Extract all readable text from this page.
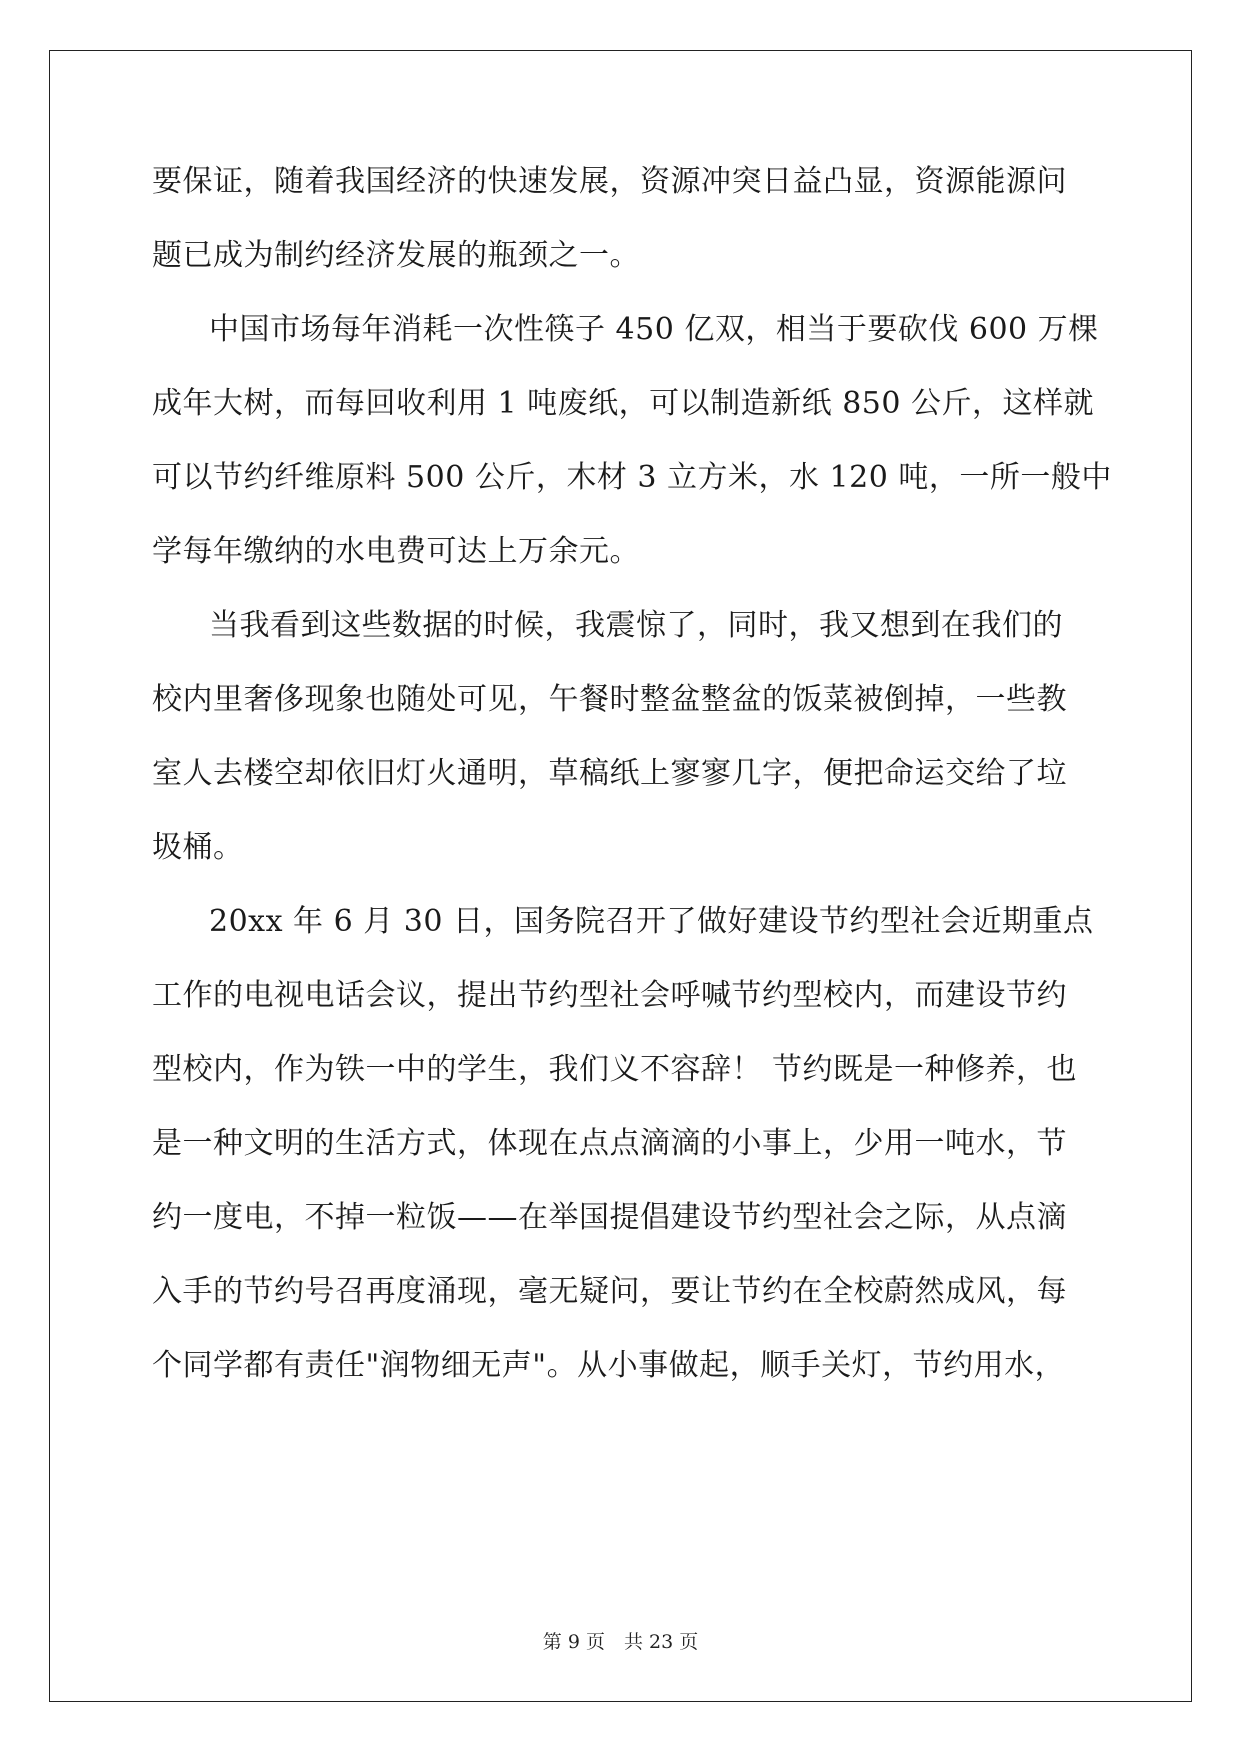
要保证，随着我国经济的快速发展，资源冲突日益凸显，资源能源问
题已成为制约经济发展的瓶颈之一。
中国市场每年消耗一次性筷子 450 亿双，相当于要砍伐 600 万棵
成年大树，而每回收利用 1 吨废纸，可以制造新纸 850 公斤，这样就
可以节约纤维原料 500 公斤，木材 3 立方米，水 120 吨，一所一般中
学每年缴纳的水电费可达上万余元。
当我看到这些数据的时候，我震惊了，同时，我又想到在我们的
校内里奢侈现象也随处可见，午餐时整盆整盆的饭菜被倒掉，一些教
室人去楼空却依旧灯火通明，草稿纸上寥寥几字，便把命运交给了垃
圾桶。
20xx 年 6 月 30 日，国务院召开了做好建设节约型社会近期重点
工作的电视电话会议，提出节约型社会呼喊节约型校内，而建设节约
型校内，作为铁一中的学生，我们义不容辞！ 节约既是一种修养，也
是一种文明的生活方式，体现在点点滴滴的小事上，少用一吨水，节
约一度电，不掉一粒饭——在举国提倡建设节约型社会之际，从点滴
入手的节约号召再度涌现，毫无疑问，要让节约在全校蔚然成风，每
个同学都有责任"润物细无声"。从小事做起，顺手关灯，节约用水，
第 9 页　共 23 页
